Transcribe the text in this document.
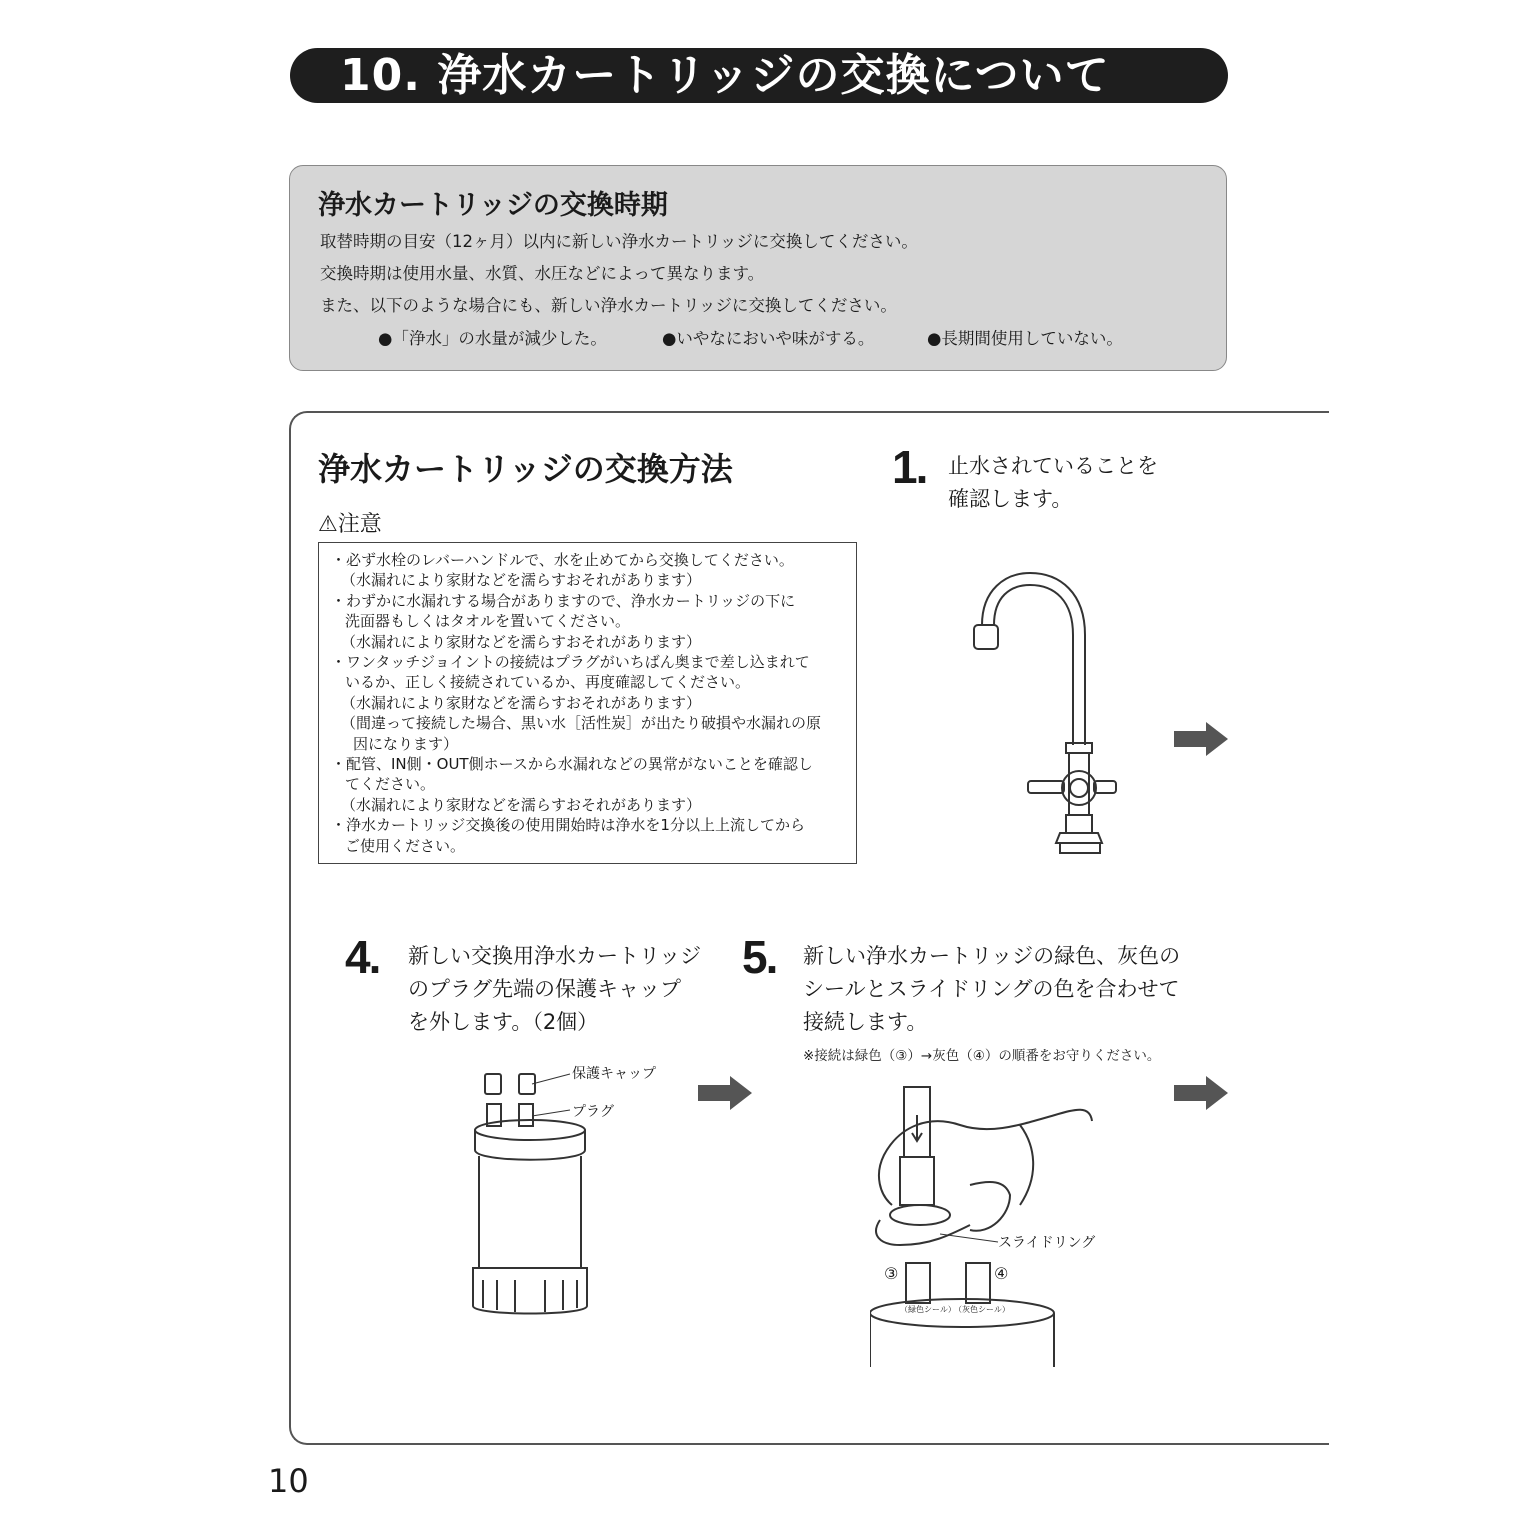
10. 浄水カートリッジの交換について
浄水カートリッジの交換時期
取替時期の目安（12ヶ月）以内に新しい浄水カートリッジに交換してください。
交換時期は使用水量、水質、水圧などによって異なります。
また、以下のような場合にも、新しい浄水カートリッジに交換してください。
●「浄水」の水量が減少した。	●いやなにおいや味がする。	●長期間使用していない。
浄水カートリッジの交換方法
⚠注意
・必ず水栓のレバーハンドルで、水を止めてから交換してください。
（水漏れにより家財などを濡らすおそれがあります）
・わずかに水漏れする場合がありますので、浄水カートリッジの下に
洗面器もしくはタオルを置いてください。
（水漏れにより家財などを濡らすおそれがあります）
・ワンタッチジョイントの接続はプラグがいちばん奥まで差し込まれて
いるか、正しく接続されているか、再度確認してください。
（水漏れにより家財などを濡らすおそれがあります）
（間違って接続した場合、黒い水［活性炭］が出たり破損や水漏れの原
因になります）
・配管、IN側・OUT側ホースから水漏れなどの異常がないことを確認し
てください。
（水漏れにより家財などを濡らすおそれがあります）
・浄水カートリッジ交換後の使用開始時は浄水を1分以上上流してから
ご使用ください。
1. 止水されていることを
確認します。
4. 新しい交換用浄水カートリッジ
のプラグ先端の保護キャップ
を外します。（2個）
保護キャップ
プラグ
5. 新しい浄水カートリッジの緑色、灰色の
シールとスライドリングの色を合わせて
接続します。
※接続は緑色（③）→灰色（④）の順番をお守りください。
スライドリング
③	④
（緑色シール）
（灰色シール）
10
